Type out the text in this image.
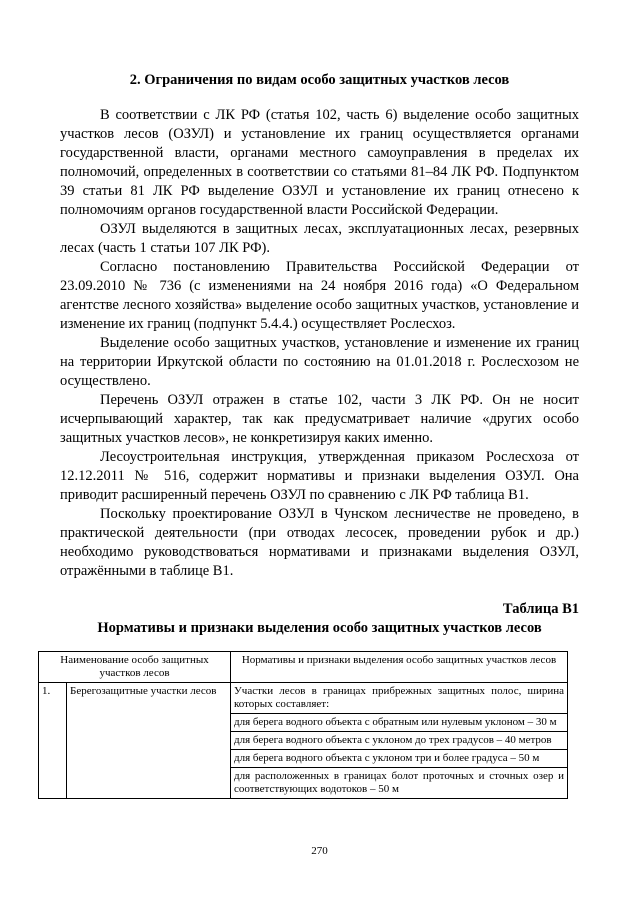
2. Ограничения по видам особо защитных участков лесов

В соответствии с ЛК РФ (статья 102, часть 6) выделение особо защитных участков лесов (ОЗУЛ) и установление их границ осуществляется органами государственной власти, органами местного самоуправления в пределах их полномочий, определенных в соответствии со статьями 81–84 ЛК РФ. Подпунктом 39 статьи 81 ЛК РФ выделение ОЗУЛ и установление их границ отнесено к полномочиям органов государственной власти Российской Федерации.

ОЗУЛ выделяются в защитных лесах, эксплуатационных лесах, резервных лесах (часть 1 статьи 107 ЛК РФ).

Согласно постановлению Правительства Российской Федерации от 23.09.2010 № 736 (с изменениями на 24 ноября 2016 года) «О Федеральном агентстве лесного хозяйства» выделение особо защитных участков, установление и изменение их границ (подпункт 5.4.4.) осуществляет Рослесхоз.

Выделение особо защитных участков, установление и изменение их границ на территории Иркутской области по состоянию на 01.01.2018 г. Рослесхозом не осуществлено.

Перечень ОЗУЛ отражен в статье 102, части 3 ЛК РФ. Он не носит исчерпывающий характер, так как предусматривает наличие «других особо защитных участков лесов», не конкретизируя каких именно.

Лесоустроительная инструкция, утвержденная приказом Рослесхоза от 12.12.2011 № 516, содержит нормативы и признаки выделения ОЗУЛ. Она приводит расширенный перечень ОЗУЛ по сравнению с ЛК РФ таблица В1.

Поскольку проектирование ОЗУЛ в Чунском лесничестве не проведено, в практической деятельности (при отводах лесосек, проведении рубок и др.) необходимо руководствоваться нормативами и признаками выделения ОЗУЛ, отражёнными в таблице В1.

Таблица В1
Нормативы и признаки выделения особо защитных участков лесов
Наименование особо защитных участков лесов		Нормативы и признаки выделения особо защитных участков лесов
1.	Берегозащитные участки лесов	Участки лесов в границах прибрежных защитных полос, ширина которых составляет:
		для берега водного объекта с обратным или нулевым уклоном – 30 м
		для берега водного объекта с уклоном до трех градусов – 40 метров
		для берега водного объекта с уклоном три и более градуса – 50 м
		для расположенных в границах болот проточных и сточных озер и соответствующих водотоков – 50 м
270
